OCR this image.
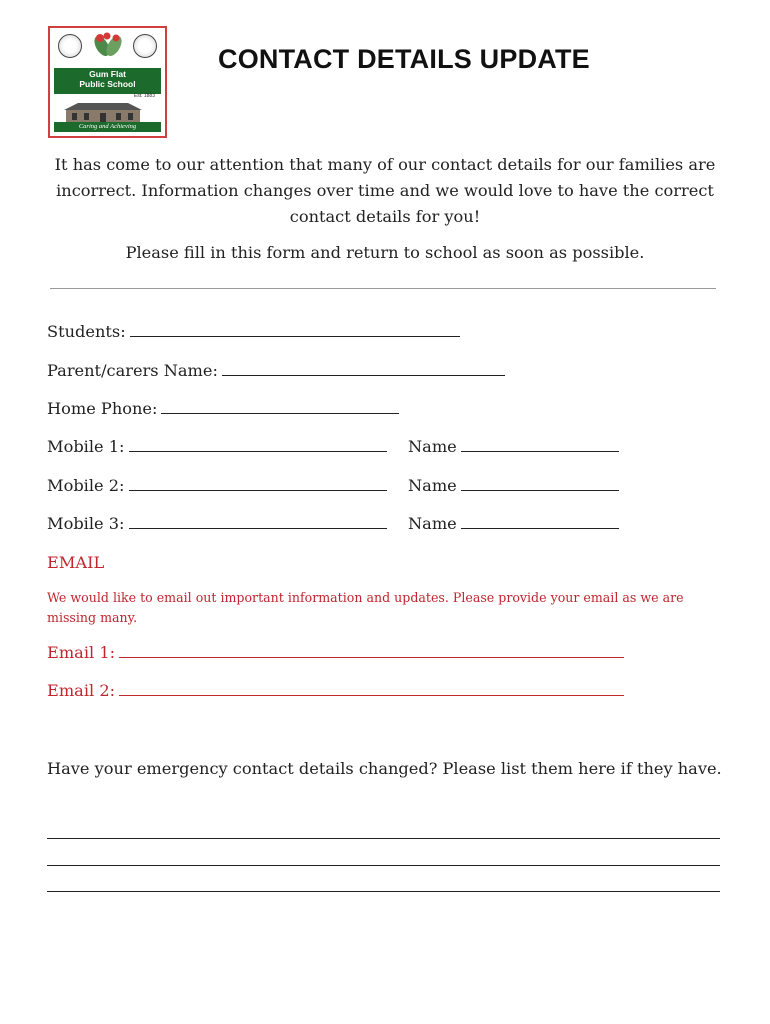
Gum Flat
Public School
Est. 1883
Caring and Achieving
CONTACT DETAILS UPDATE
It has come to our attention that many of our contact details for our families are incorrect. Information changes over time and we would love to have the correct contact details for you!
Please fill in this form and return to school as soon as possible.
Students:
Parent/carers Name:
Home Phone:
Mobile 1:	Name
Mobile 2:	Name
Mobile 3:	Name
EMAIL
We would like to email out important information and updates. Please provide your email as we are missing many.
Email 1:
Email 2:
Have your emergency contact details changed? Please list them here if they have.
